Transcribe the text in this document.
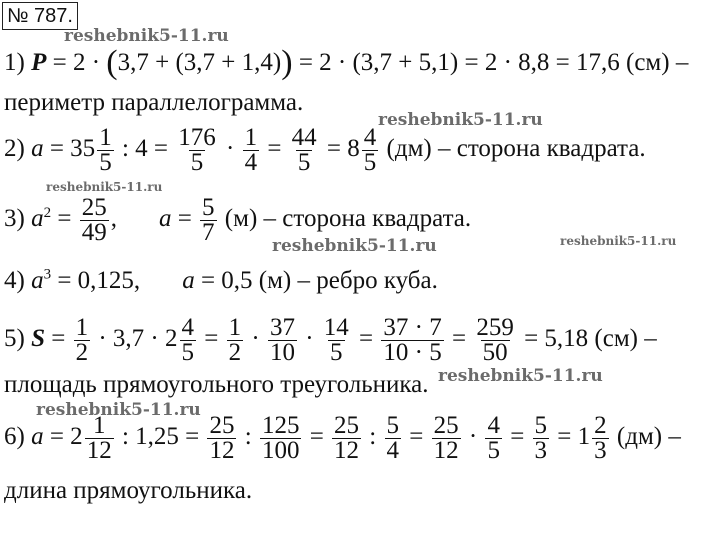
№ 787.
1) P = 2 · (3,7 + (3,7 + 1,4)) = 2 · (3,7 + 5,1) = 2 · 8,8 = 17,6 (см) –
периметр параллелограмма.
2) $a = 35 \frac{1}{5}$ : $4 = \frac{176}{5} \cdot \frac{1}{4} = \frac{44}{5} = 8 \frac{4}{5} (дм)$ – сторона квадрата.
3) $a^2 = \frac{25}{49}$ , $a = \frac{5}{7} (м)$ – сторона квадрата.
4) $a^3 = 0,125$, a = 0,5 (м) – ребро куба.
5) $S = \frac{1}{2} \cdot 3,7 \cdot 2 \frac{4}{5} = \frac{1}{2} \cdot \frac{37}{10} \cdot \frac{14}{5} = \frac{37 \cdot 7}{10 \cdot 5} = \frac{259}{50} = 5,18$ (см) –
площадь прямоугольного треугольника.
6) $a = 2 \frac{1}{12}$ : $1,25 = \frac{25}{12}$ : $\frac{125}{100} = \frac{25}{12}$ : $\frac{5}{4} = \frac{25}{12} \cdot \frac{4}{5} = \frac{5}{3} = 1 \frac{2}{3} (дм)$ –
длина прямоугольника.
reshebnik5-11.ru
reshebnik5-11.ru
reshebnik5-11.ru
reshebnik5-11.ru	reshebnik5-11.ru
reshebnik5-11.ru
reshebnik5-11.ru
